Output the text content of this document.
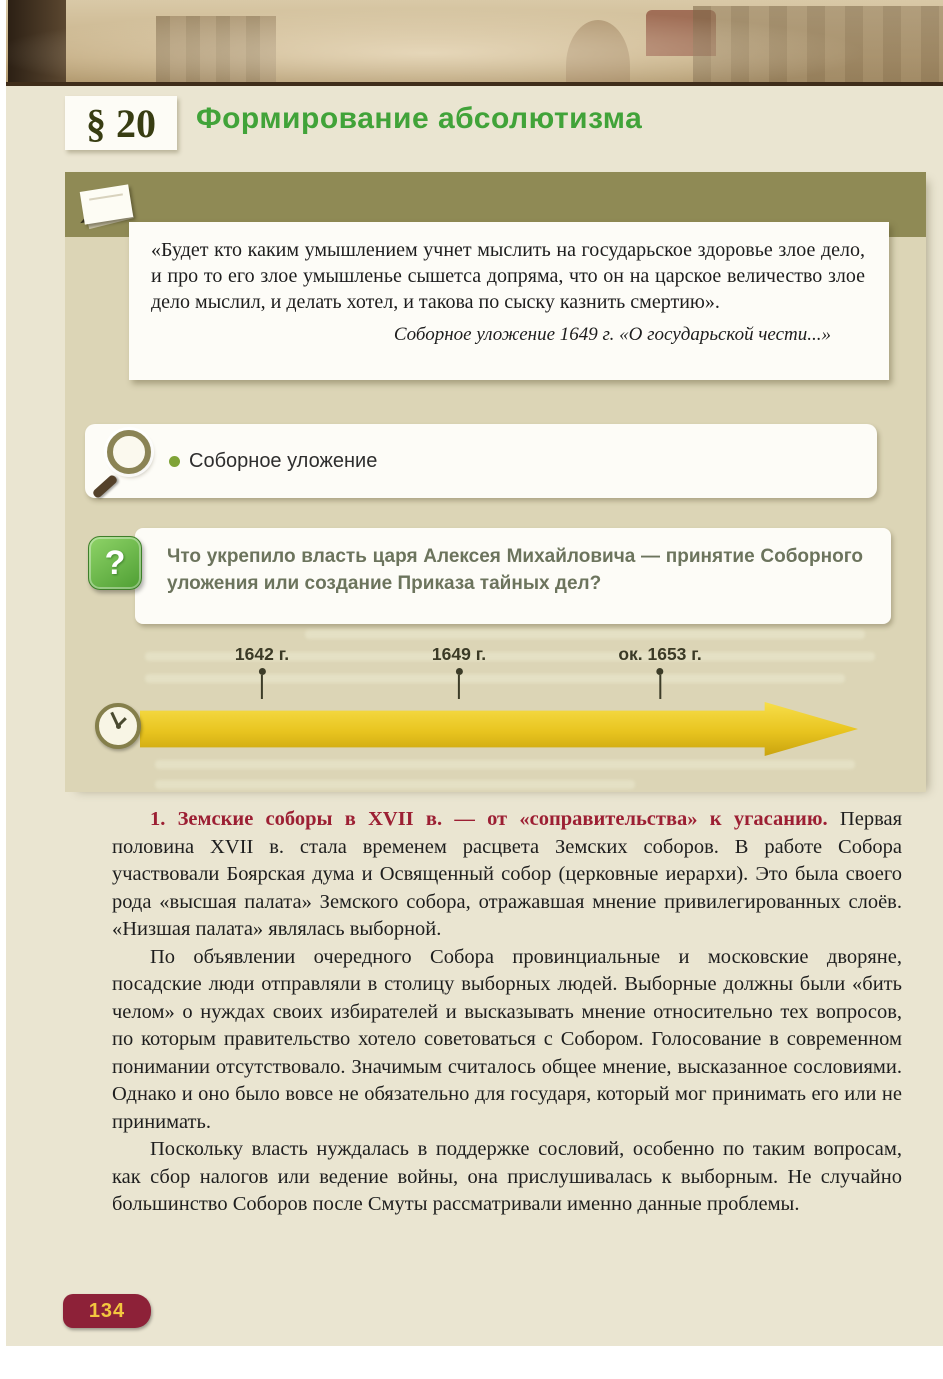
§ 20 Формирование абсолютизма

«Будет кто каким умышлением учнет мыслить на государьское здоровье злое дело, и про то его злое умышленье сышетса допряма, что он на царское величество злое дело мыслил, и делать хотел, и такова по сыску казнить смертию».

Соборное уложение 1649 г. «О государьской чести...»

Соборное уложение

Что укрепило власть царя Алексея Михайловича — принятие Соборного уложения или создание Приказа тайных дел?

?
1642 г.	1649 г.	ок. 1653 г.

1. Земские соборы в XVII в. — от «соправительства» к угасанию. Первая половина XVII в. стала временем расцвета Земских соборов. В работе Собора участвовали Боярская дума и Освященный собор (церковные иерархи). Это была своего рода «высшая палата» Земского собора, отражавшая мнение привилегированных слоёв. «Низшая палата» являлась выборной.

По объявлении очередного Собора провинциальные и московские дворяне, посадские люди отправляли в столицу выборных людей. Выборные должны были «бить челом» о нуждах своих избирателей и высказывать мнение относительно тех вопросов, по которым правительство хотело советоваться с Собором. Голосование в современном понимании отсутствовало. Значимым считалось общее мнение, высказанное сословиями. Однако и оно было вовсе не обязательно для государя, который мог принимать его или не принимать.

Поскольку власть нуждалась в поддержке сословий, особенно по таким вопросам, как сбор налогов или ведение войны, она прислушивалась к выборным. Не случайно большинство Соборов после Смуты рассматривали именно данные проблемы.

134
